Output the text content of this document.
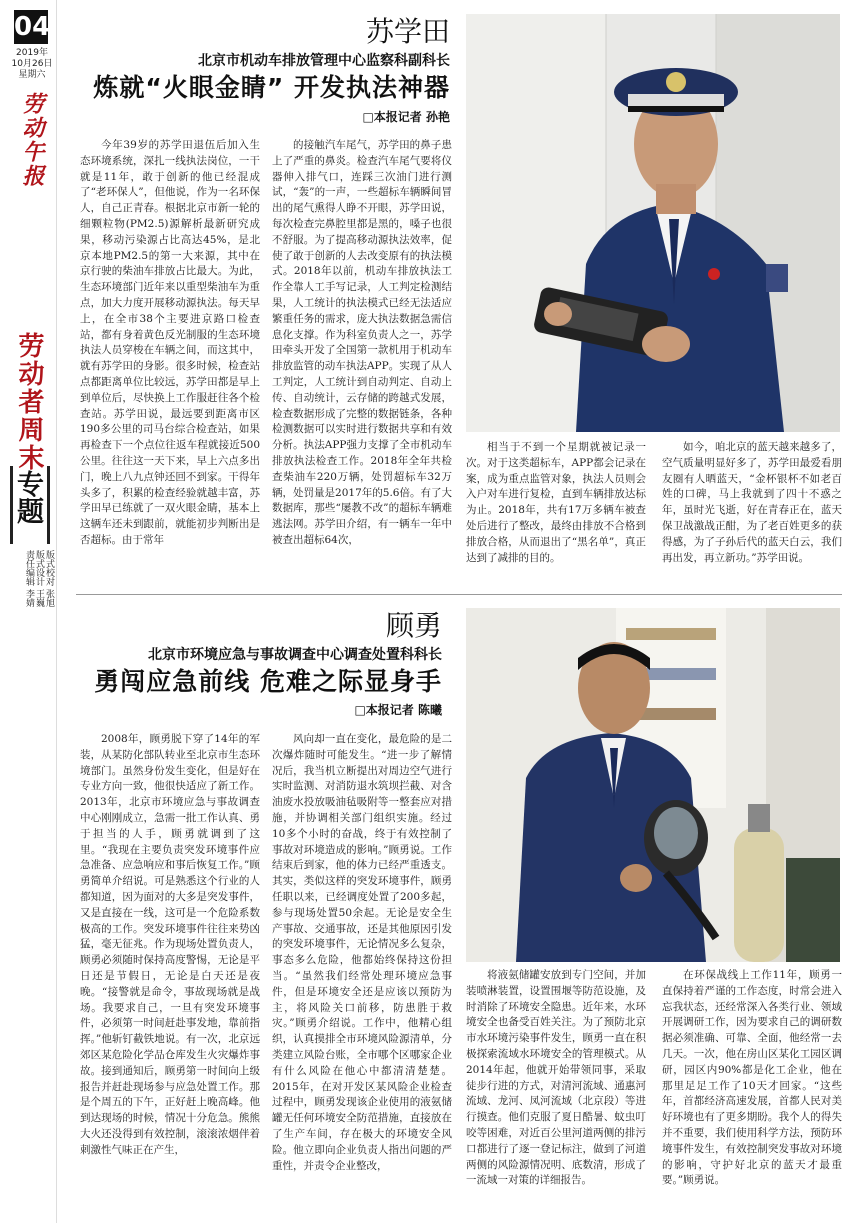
04
2019年
10月26日
星期六
劳动午报
劳动者周末
专题
版式校对 张旭
版式设计 王巍
责任编辑 李婧
苏学田
北京市机动车排放管理中心监察科副科长
炼就“火眼金睛” 开发执法神器
□本报记者 孙艳

今年39岁的苏学田退伍后加入生态环境系统，深扎一线执法岗位，一干就是11年，敢于创新的他已经混成了“老环保人”，但他说，作为一名环保人，自己正青春。根据北京市新一轮的细颗粒物(PM2.5)源解析最新研究成果，移动污染源占比高达45%，是北京本地PM2.5的第一大来源，其中在京行驶的柴油车排放占比最大。为此，生态环境部门近年来以重型柴油车为重点，加大力度开展移动源执法。每天早上，在全市38个主要进京路口检查站，都有身着黄色反光制服的生态环境执法人员穿梭在车辆之间，而这其中，就有苏学田的身影。很多时候，检查站点都距离单位比较远，苏学田都是早上到单位后，尽快换上工作服赶往各个检查站。苏学田说，最远要到距离市区190多公里的司马台综合检查站，如果再检查下一个点位往返车程就接近500公里。往往这一天下来，早上六点多出门，晚上八九点钟还回不到家。干得年头多了，积累的检查经验就越丰富，苏学田早已练就了一双火眼金睛，基本上这辆车还未到跟前，就能初步判断出是否超标。由于常年

的接触汽车尾气，苏学田的鼻子患上了严重的鼻炎。检查汽车尾气要将仪器伸入排气口，连踩三次油门进行测试，“轰”的一声，一些超标车辆瞬间冒出的尾气熏得人睁不开眼，苏学田说，每次检查完鼻腔里都是黑的，嗓子也很不舒服。为了提高移动源执法效率，促使了敢于创新的人去改变原有的执法模式。2018年以前，机动车排放执法工作全靠人工手写记录，人工判定检测结果，人工统计的执法模式已经无法适应繁重任务的需求，庞大执法数据急需信息化支撑。作为科室负责人之一，苏学田牵头开发了全国第一款机用于机动车排放监管的动车执法APP。实现了从人工判定，人工统计到自动判定、自动上传、自动统计，云存储的跨越式发展，检查数据形成了完整的数据链条，各种检测数据可以实时进行数据共享和有效分析。执法APP强力支撑了全市机动车排放执法检查工作。2018年全年共检查柴油车220万辆，处罚超标车32万辆，处罚量是2017年的5.6倍。有了大数据库，那些“屡教不改”的超标车辆难逃法网。苏学田介绍，有一辆车一年中被查出超标64次，

相当于不到一个星期就被记录一次。对于这类超标车，APP都会记录在案，成为重点监管对象，执法人员则会入户对车进行复检，直到车辆排放达标为止。2018年，共有17万多辆车被查处后进行了整改，最终由排放不合格到排放合格，从而退出了“黑名单”，真正达到了减排的目的。

如今，咱北京的蓝天越来越多了，空气质量明显好多了，苏学田最爱看朋友圈有人晒蓝天，“金杯银杯不如老百姓的口碑，马上我就到了四十不惑之年，虽时光飞逝，好在青春正在，蓝天保卫战激战正酣，为了老百姓更多的获得感，为了子孙后代的蓝天白云，我们再出发，再立新功。”苏学田说。

顾勇
北京市环境应急与事故调查中心调查处置科科长
勇闯应急前线 危难之际显身手
□本报记者 陈曦

2008年，顾勇脱下穿了14年的军装，从某防化部队转业至北京市生态环境部门。虽然身份发生变化，但是好在专业方向一致，他很快适应了新工作。2013年，北京市环境应急与事故调查中心刚刚成立，急需一批工作认真、勇于担当的人手，顾勇就调到了这里。“我现在主要负责突发环境事件应急准备、应急响应和事后恢复工作。”顾勇简单介绍说。可是熟悉这个行业的人都知道，因为面对的大多是突发事件，又是直接在一线，这可是一个危险系数极高的工作。突发环境事件往往来势凶猛，毫无征兆。作为现场处置负责人，顾勇必须随时保持高度警惕，无论是平日还是节假日，无论是白天还是夜晚。“接警就是命令，事故现场就是战场。我要求自己，一旦有突发环境事件，必须第一时间赶赴事发地，靠前指挥。”他斩钉截铁地说。有一次，北京远郊区某危险化学品仓库发生火灾爆炸事故。接到通知后，顾勇第一时间向上级报告并赶赴现场参与应急处置工作。那是个周五的下午，正好赶上晚高峰。他到达现场的时候，情况十分危急。熊熊大火还没得到有效控制，滚滚浓烟伴着刺激性气味正在产生，

风向却一直在变化，最危险的是二次爆炸随时可能发生。“进一步了解情况后，我当机立断提出对周边空气进行实时监测、对消防退水筑坝拦截、对含油废水投放吸油毡吸附等一整套应对措施，并协调相关部门组织实施。经过10多个小时的奋战，终于有效控制了事故对环境造成的影响。”顾勇说。工作结束后到家，他的体力已经严重透支。其实，类似这样的突发环境事件，顾勇任职以来，已经调度处置了200多起，参与现场处置50余起。无论是安全生产事故、交通事故，还是其他原因引发的突发环境事件，无论情况多么复杂，事态多么危险，他都始终保持这份担当。“虽然我们经常处理环境应急事件，但是环境安全还是应该以预防为主，将风险关口前移，防患胜于救灾。”顾勇介绍说。工作中，他精心组织，认真摸排全市环境风险源清单，分类建立风险台账，全市哪个区哪家企业有什么风险在他心中都清清楚楚。2015年，在对开发区某风险企业检查过程中，顾勇发现该企业使用的液氨储罐无任何环境安全防范措施，直接放在了生产车间，存在极大的环境安全风险。他立即向企业负责人指出问题的严重性，并责令企业整改，

将液氨储罐安放到专门空间，并加装喷淋装置，设置围堰等防范设施，及时消除了环境安全隐患。近年来，水环境安全也备受百姓关注。为了预防北京市水环境污染事件发生，顾勇一直在积极探索流域水环境安全的管理模式。从2014年起，他就开始带领同事，采取徒步行进的方式，对清河流域、通惠河流域、龙河、凤河流域（北京段）等进行摸查。他们克服了夏日酷暑、蚊虫叮咬等困难，对近百公里河道两侧的排污口都进行了逐一登记标注，做到了河道两侧的风险源情况明、底数清，形成了一流域一对策的详细报告。

在环保战线上工作11年，顾勇一直保持着严谨的工作态度，时常会进入忘我状态，还经常深入各类行业、领域开展调研工作，因为要求自己的调研数据必须准确、可靠、全面，他经常一去几天。一次，他在房山区某化工园区调研，园区内90%都是化工企业，他在那里足足工作了10天才回家。“这些年，首都经济高速发展，首都人民对美好环境也有了更多期盼。我个人的得失并不重要，我们使用科学方法，预防环境事件发生，有效控制突发事故对环境的影响，守护好北京的蓝天才最重要。”顾勇说。
